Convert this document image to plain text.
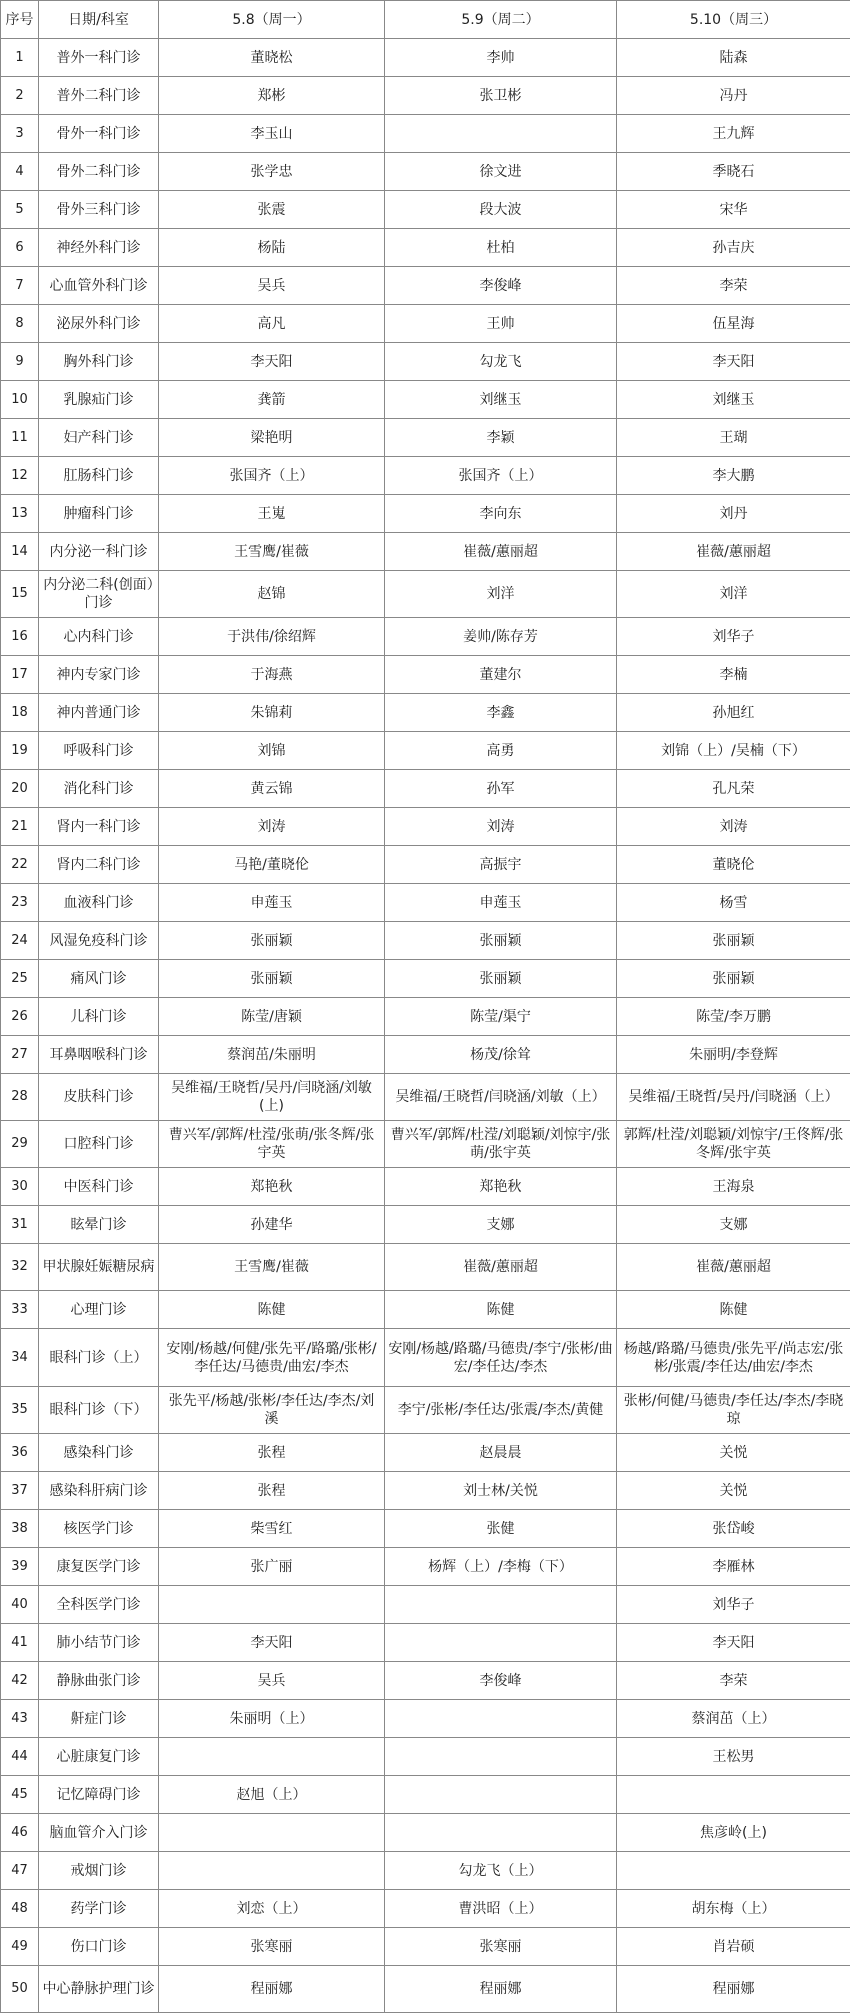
序号	日期/科室	5.8（周一）	5.9（周二）	5.10（周三）
1	普外一科门诊	董晓松	李帅	陆森
2	普外二科门诊	郑彬	张卫彬	冯丹
3	骨外一科门诊	李玉山		王九辉
4	骨外二科门诊	张学忠	徐文进	季晓石
5	骨外三科门诊	张震	段大波	宋华
6	神经外科门诊	杨陆	杜柏	孙吉庆
7	心血管外科门诊	吴兵	李俊峰	李荣
8	泌尿外科门诊	高凡	王帅	伍星海
9	胸外科门诊	李天阳	勾龙飞	李天阳
10	乳腺疝门诊	龚箭	刘继玉	刘继玉
11	妇产科门诊	梁艳明	李颖	王瑚
12	肛肠科门诊	张国齐（上）	张国齐（上）	李大鹏
13	肿瘤科门诊	王嵬	李向东	刘丹
14	内分泌一科门诊	王雪鹰/崔薇	崔薇/蕙丽超	崔薇/蕙丽超
15	内分泌二科(创面）门诊	赵锦	刘洋	刘洋
16	心内科门诊	于洪伟/徐绍辉	姜帅/陈存芳	刘华子
17	神内专家门诊	于海燕	董建尔	李楠
18	神内普通门诊	朱锦莉	李鑫	孙旭红
19	呼吸科门诊	刘锦	高勇	刘锦（上）/吴楠（下）
20	消化科门诊	黄云锦	孙军	孔凡荣
21	肾内一科门诊	刘涛	刘涛	刘涛
22	肾内二科门诊	马艳/董晓伦	高振宇	董晓伦
23	血液科门诊	申莲玉	申莲玉	杨雪
24	风湿免疫科门诊	张丽颖	张丽颖	张丽颖
25	痛风门诊	张丽颖	张丽颖	张丽颖
26	儿科门诊	陈莹/唐颖	陈莹/渠宁	陈莹/李万鹏
27	耳鼻咽喉科门诊	蔡润茁/朱丽明	杨茂/徐耸	朱丽明/李登辉
28	皮肤科门诊	吴维福/王晓哲/吴丹/闫晓涵/刘敏(上)	吴维福/王晓哲/闫晓涵/刘敏（上）	吴维福/王晓哲/吴丹/闫晓涵（上）
29	口腔科门诊	曹兴军/郭辉/杜滢/张萌/张冬辉/张宇英	曹兴军/郭辉/杜滢/刘聪颖/刘惊宇/张萌/张宇英	郭辉/杜滢/刘聪颖/刘惊宇/王佟辉/张冬辉/张宇英
30	中医科门诊	郑艳秋	郑艳秋	王海泉
31	眩晕门诊	孙建华	支娜	支娜
32	甲状腺妊娠糖尿病	王雪鹰/崔薇	崔薇/蕙丽超	崔薇/蕙丽超
33	心理门诊	陈健	陈健	陈健
34	眼科门诊（上）	安刚/杨越/何健/张先平/路璐/张彬/李任达/马德贵/曲宏/李杰	安刚/杨越/路璐/马德贵/李宁/张彬/曲宏/李任达/李杰	杨越/路璐/马德贵/张先平/尚志宏/张彬/张震/李任达/曲宏/李杰
35	眼科门诊（下）	张先平/杨越/张彬/李任达/李杰/刘溪	李宁/张彬/李任达/张震/李杰/黄健	张彬/何健/马德贵/李任达/李杰/李晓琼
36	感染科门诊	张程	赵晨晨	关悦
37	感染科肝病门诊	张程	刘士林/关悦	关悦
38	核医学门诊	柴雪红	张健	张岱峻
39	康复医学门诊	张广丽	杨辉（上）/李梅（下）	李雁林
40	全科医学门诊			刘华子
41	肺小结节门诊	李天阳		李天阳
42	静脉曲张门诊	吴兵	李俊峰	李荣
43	鼾症门诊	朱丽明（上）		蔡润茁（上）
44	心脏康复门诊			王松男
45	记忆障碍门诊	赵旭（上）		
46	脑血管介入门诊			焦彦岭(上)
47	戒烟门诊		勾龙飞（上）	
48	药学门诊	刘恋（上）	曹洪昭（上）	胡东梅（上）
49	伤口门诊	张寒丽	张寒丽	肖岩硕
50	中心静脉护理门诊	程丽娜	程丽娜	程丽娜
